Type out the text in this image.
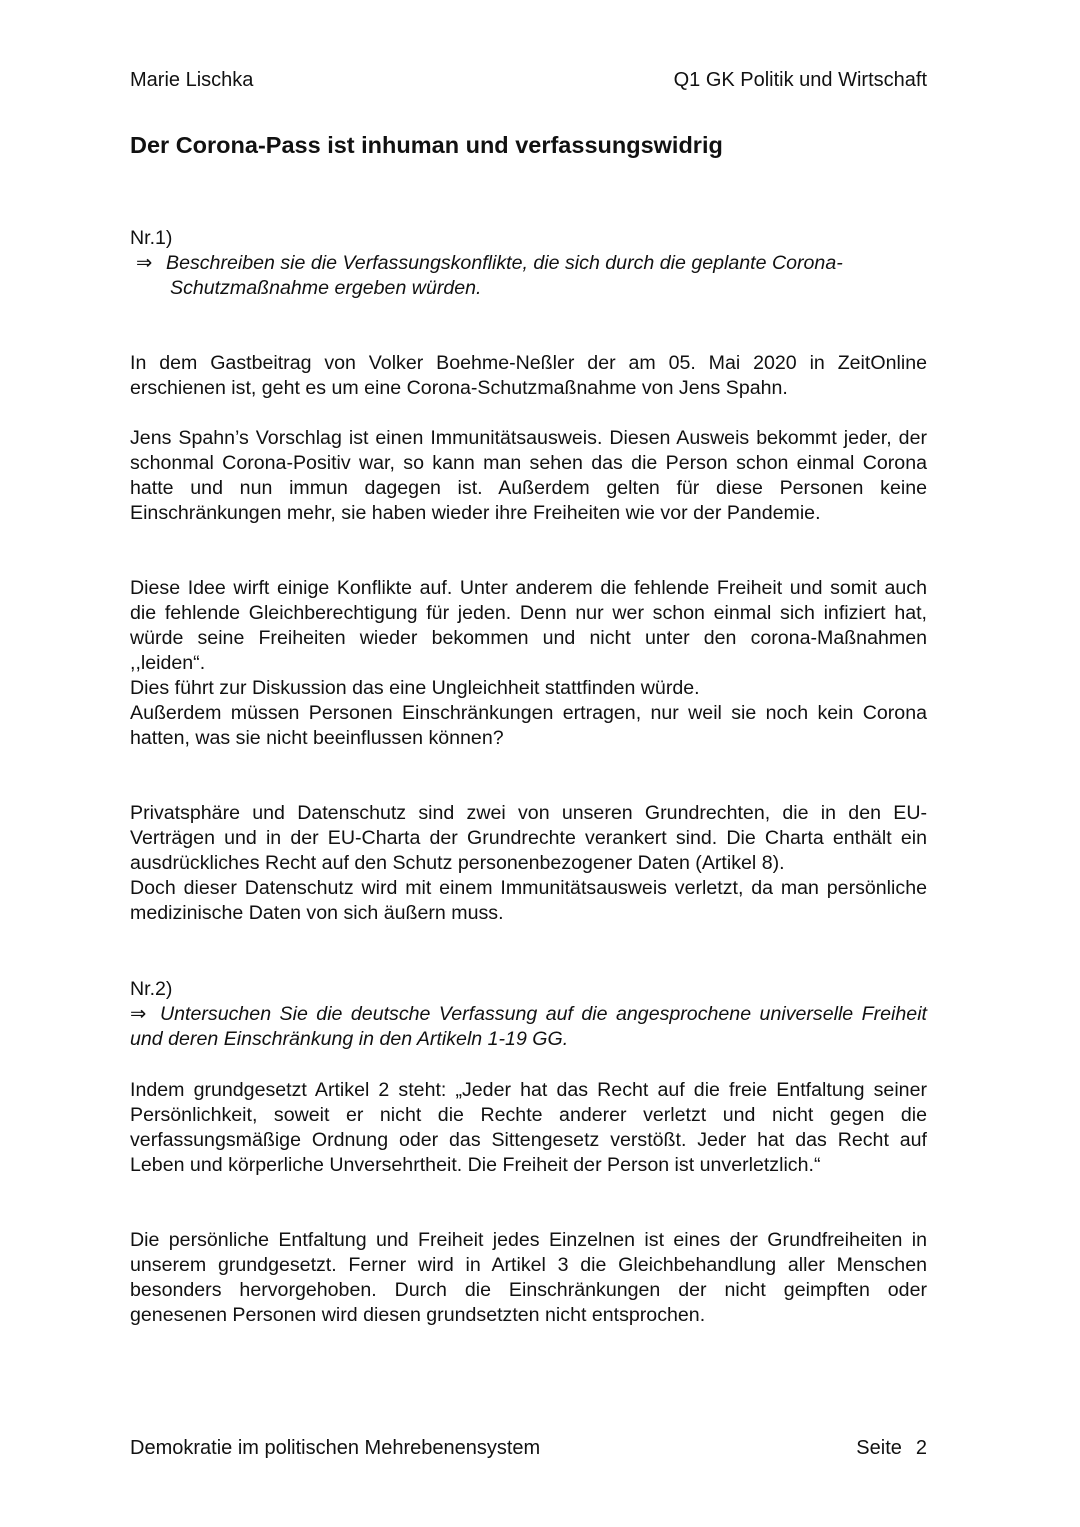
Marie Lischka	Q1 GK Politik und Wirtschaft
Der Corona-Pass ist inhuman und verfassungswidrig
Nr.1)
⇒ Beschreiben sie die Verfassungskonflikte, die sich durch die geplante Corona-Schutzmaßnahme ergeben würden.

In dem Gastbeitrag von Volker Boehme-Neßler der am 05. Mai 2020 in ZeitOnline erschienen ist, geht es um eine Corona-Schutzmaßnahme von Jens Spahn.

Jens Spahn’s Vorschlag ist einen Immunitätsausweis. Diesen Ausweis bekommt jeder, der schonmal Corona-Positiv war, so kann man sehen das die Person schon einmal Corona hatte und nun immun dagegen ist. Außerdem gelten für diese Personen keine Einschränkungen mehr, sie haben wieder ihre Freiheiten wie vor der Pandemie.

Diese Idee wirft einige Konflikte auf. Unter anderem die fehlende Freiheit und somit auch die fehlende Gleichberechtigung für jeden. Denn nur wer schon einmal sich infiziert hat, würde seine Freiheiten wieder bekommen und nicht unter den corona-Maßnahmen ,,leiden“.

Dies führt zur Diskussion das eine Ungleichheit stattfinden würde.

Außerdem müssen Personen Einschränkungen ertragen, nur weil sie noch kein Corona hatten, was sie nicht beeinflussen können?

Privatsphäre und Datenschutz sind zwei von unseren Grundrechten, die in den EU-Verträgen und in der EU-Charta der Grundrechte verankert sind. Die Charta enthält ein ausdrückliches Recht auf den Schutz personenbezogener Daten (Artikel 8).

Doch dieser Datenschutz wird mit einem Immunitätsausweis verletzt, da man persönliche medizinische Daten von sich äußern muss.

Nr.2)
⇒ Untersuchen Sie die deutsche Verfassung auf die angesprochene universelle Freiheit und deren Einschränkung in den Artikeln 1-19 GG.

Indem grundgesetzt Artikel 2 steht: „Jeder hat das Recht auf die freie Entfaltung seiner Persönlichkeit, soweit er nicht die Rechte anderer verletzt und nicht gegen die verfassungsmäßige Ordnung oder das Sittengesetz verstößt. Jeder hat das Recht auf Leben und körperliche Unversehrtheit. Die Freiheit der Person ist unverletzlich.“

Die persönliche Entfaltung und Freiheit jedes Einzelnen ist eines der Grundfreiheiten in unserem grundgesetzt. Ferner wird in Artikel 3 die Gleichbehandlung aller Menschen besonders hervorgehoben. Durch die Einschränkungen der nicht geimpften oder genesenen Personen wird diesen grundsetzten nicht entsprochen.

Demokratie im politischen Mehrebenensystem	Seite 2
